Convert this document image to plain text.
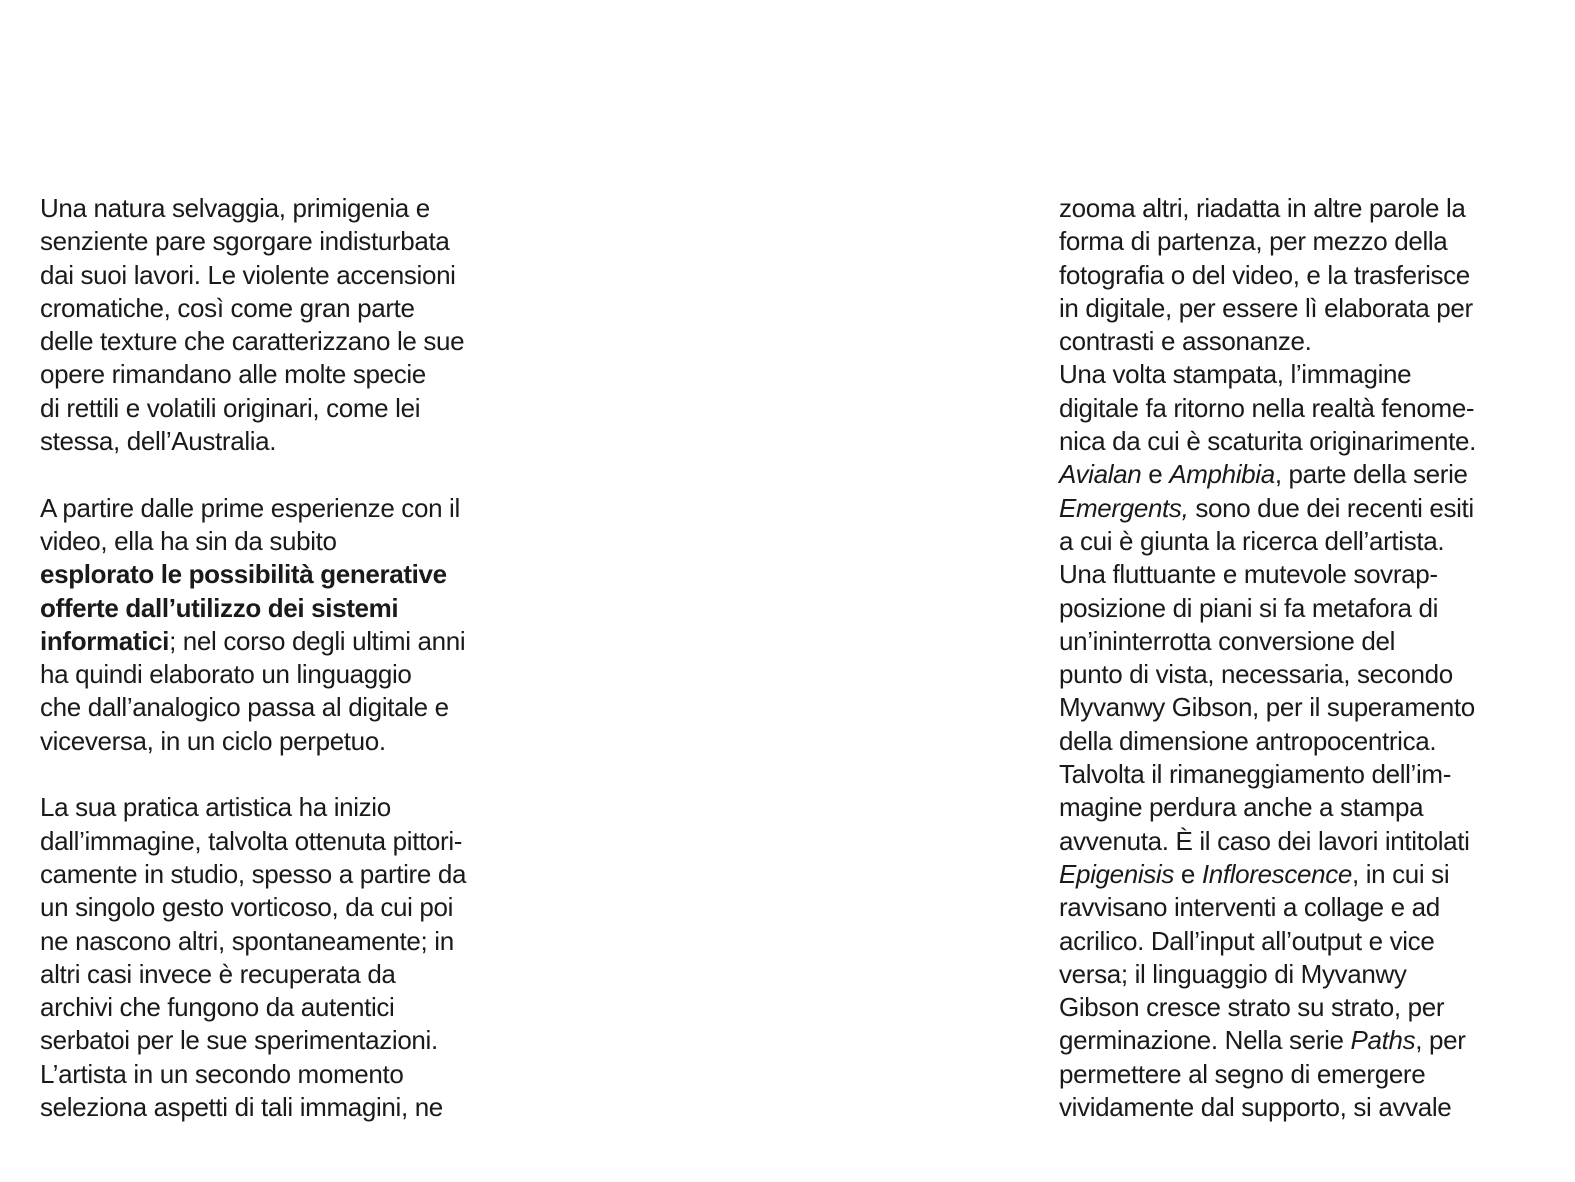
Una natura selvaggia, primigenia e
senziente pare sgorgare indisturbata
dai suoi lavori. Le violente accensioni
cromatiche, così come gran parte
delle texture che caratterizzano le sue
opere rimandano alle molte specie
di rettili e volatili originari, come lei
stessa, dell’Australia.
A partire dalle prime esperienze con il
video, ella ha sin da subito
esplorato le possibilità generative
offerte dall’utilizzo dei sistemi
informatici; nel corso degli ultimi anni
ha quindi elaborato un linguaggio
che dall’analogico passa al digitale e
viceversa, in un ciclo perpetuo.
La sua pratica artistica ha inizio
dall’immagine, talvolta ottenuta pittori-
camente in studio, spesso a partire da
un singolo gesto vorticoso, da cui poi
ne nascono altri, spontaneamente; in
altri casi invece è recuperata da
archivi che fungono da autentici
serbatoi per le sue sperimentazioni.
L’artista in un secondo momento
seleziona aspetti di tali immagini, ne
zooma altri, riadatta in altre parole la
forma di partenza, per mezzo della
fotografia o del video, e la trasferisce
in digitale, per essere lì elaborata per
contrasti e assonanze.
Una volta stampata, l’immagine
digitale fa ritorno nella realtà fenome-
nica da cui è scaturita originarimente.
Avialan e Amphibia, parte della serie
Emergents, sono due dei recenti esiti
a cui è giunta la ricerca dell’artista.
Una fluttuante e mutevole sovrap-
posizione di piani si fa metafora di
un’ininterrotta conversione del
punto di vista, necessaria, secondo
Myvanwy Gibson, per il superamento
della dimensione antropocentrica.
Talvolta il rimaneggiamento dell’im-
magine perdura anche a stampa
avvenuta. È il caso dei lavori intitolati
Epigenisis e Inflorescence, in cui si
ravvisano interventi a collage e ad
acrilico. Dall’input all’output e vice
versa; il linguaggio di Myvanwy
Gibson cresce strato su strato, per
germinazione. Nella serie Paths, per
permettere al segno di emergere
vividamente dal supporto, si avvale
